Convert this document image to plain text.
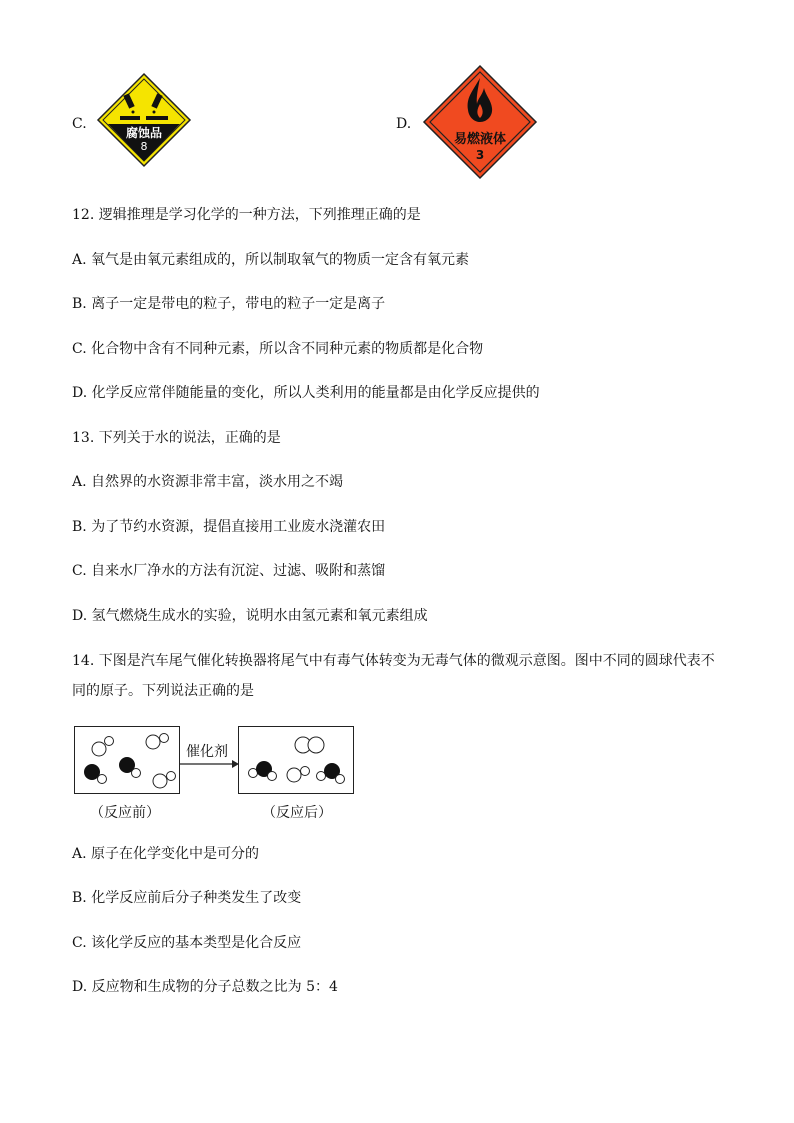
C.
腐蚀品
8
D.
易燃液体
3
12. 逻辑推理是学习化学的一种方法，下列推理正确的是
A. 氧气是由氧元素组成的，所以制取氧气的物质一定含有氧元素
B. 离子一定是带电的粒子，带电的粒子一定是离子
C. 化合物中含有不同种元素，所以含不同种元素的物质都是化合物
D. 化学反应常伴随能量的变化，所以人类利用的能量都是由化学反应提供的
13. 下列关于水的说法，正确的是
A. 自然界的水资源非常丰富，淡水用之不竭
B. 为了节约水资源，提倡直接用工业废水浇灌农田
C. 自来水厂净水的方法有沉淀、过滤、吸附和蒸馏
D. 氢气燃烧生成水的实验，说明水由氢元素和氧元素组成
14. 下图是汽车尾气催化转换器将尾气中有毒气体转变为无毒气体的微观示意图。图中不同的圆球代表不
同的原子。下列说法正确的是
催化剂
（反应前）	（反应后）
A. 原子在化学变化中是可分的
B. 化学反应前后分子种类发生了改变
C. 该化学反应的基本类型是化合反应
D. 反应物和生成物的分子总数之比为 5：4
